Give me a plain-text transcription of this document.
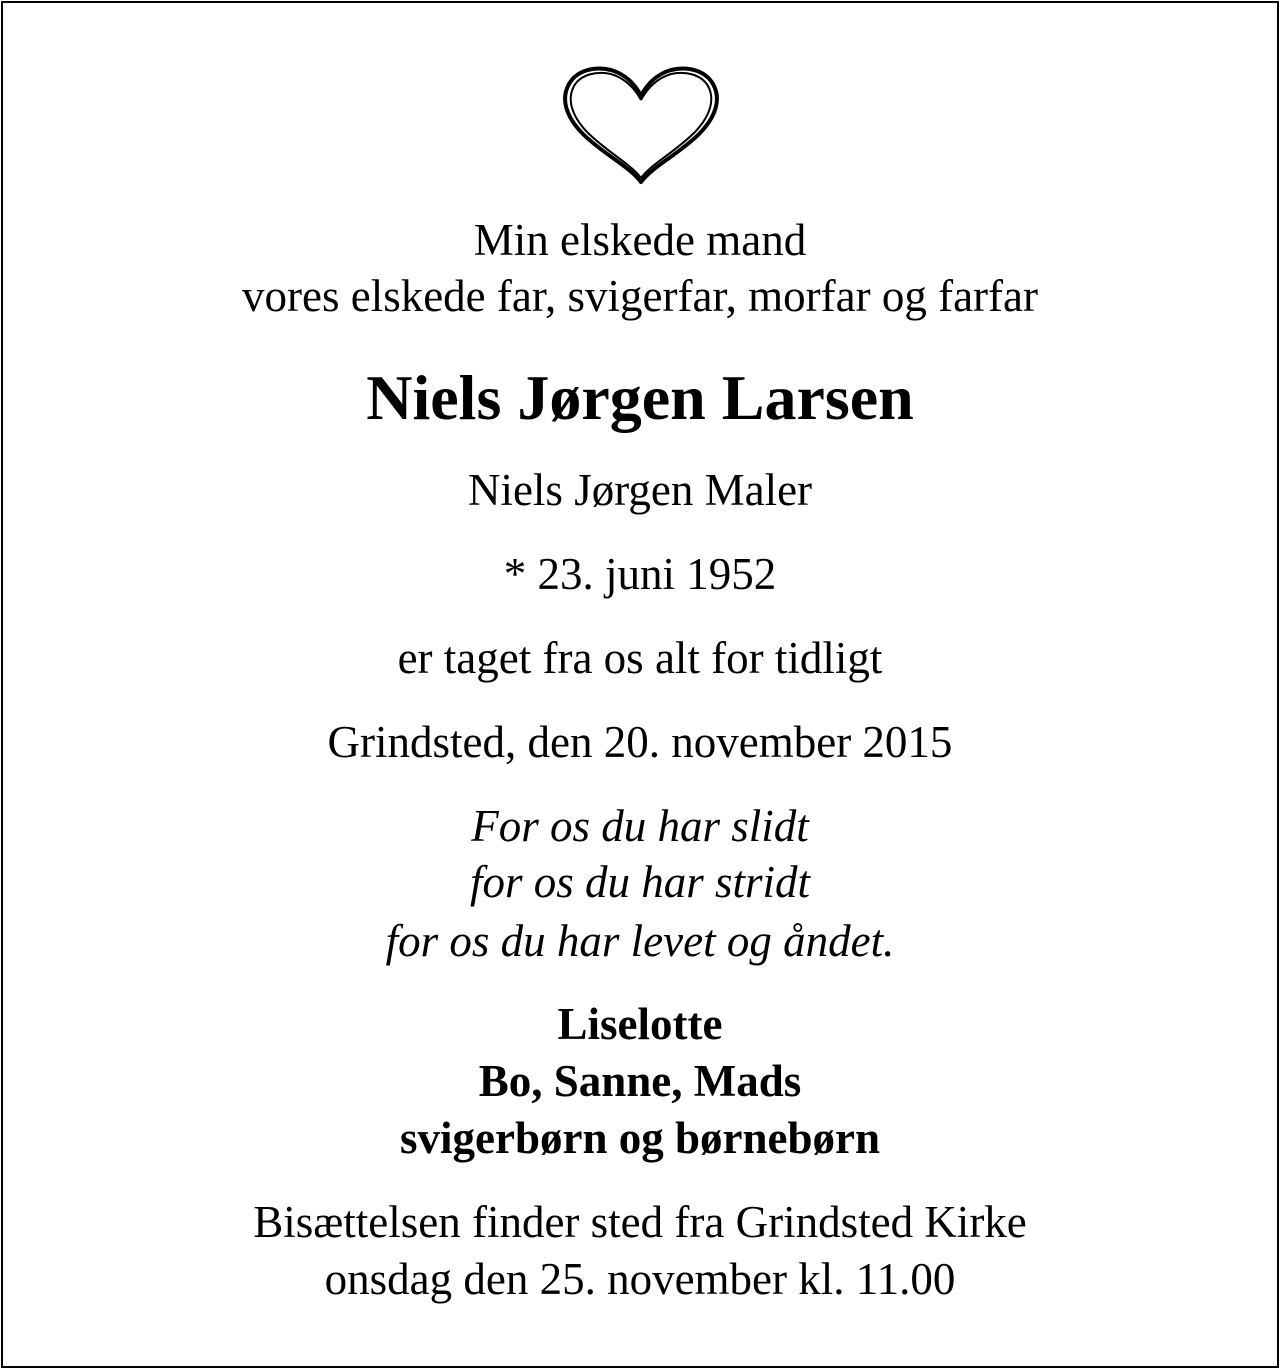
Min elskede mand
vores elskede far, svigerfar, morfar og farfar
Niels Jørgen Larsen
Niels Jørgen Maler
* 23. juni 1952
er taget fra os alt for tidligt
Grindsted, den 20. november 2015
For os du har slidt
for os du har stridt
for os du har levet og åndet.
Liselotte
Bo, Sanne, Mads
svigerbørn og børnebørn
Bisættelsen finder sted fra Grindsted Kirke
onsdag den 25. november kl. 11.00
